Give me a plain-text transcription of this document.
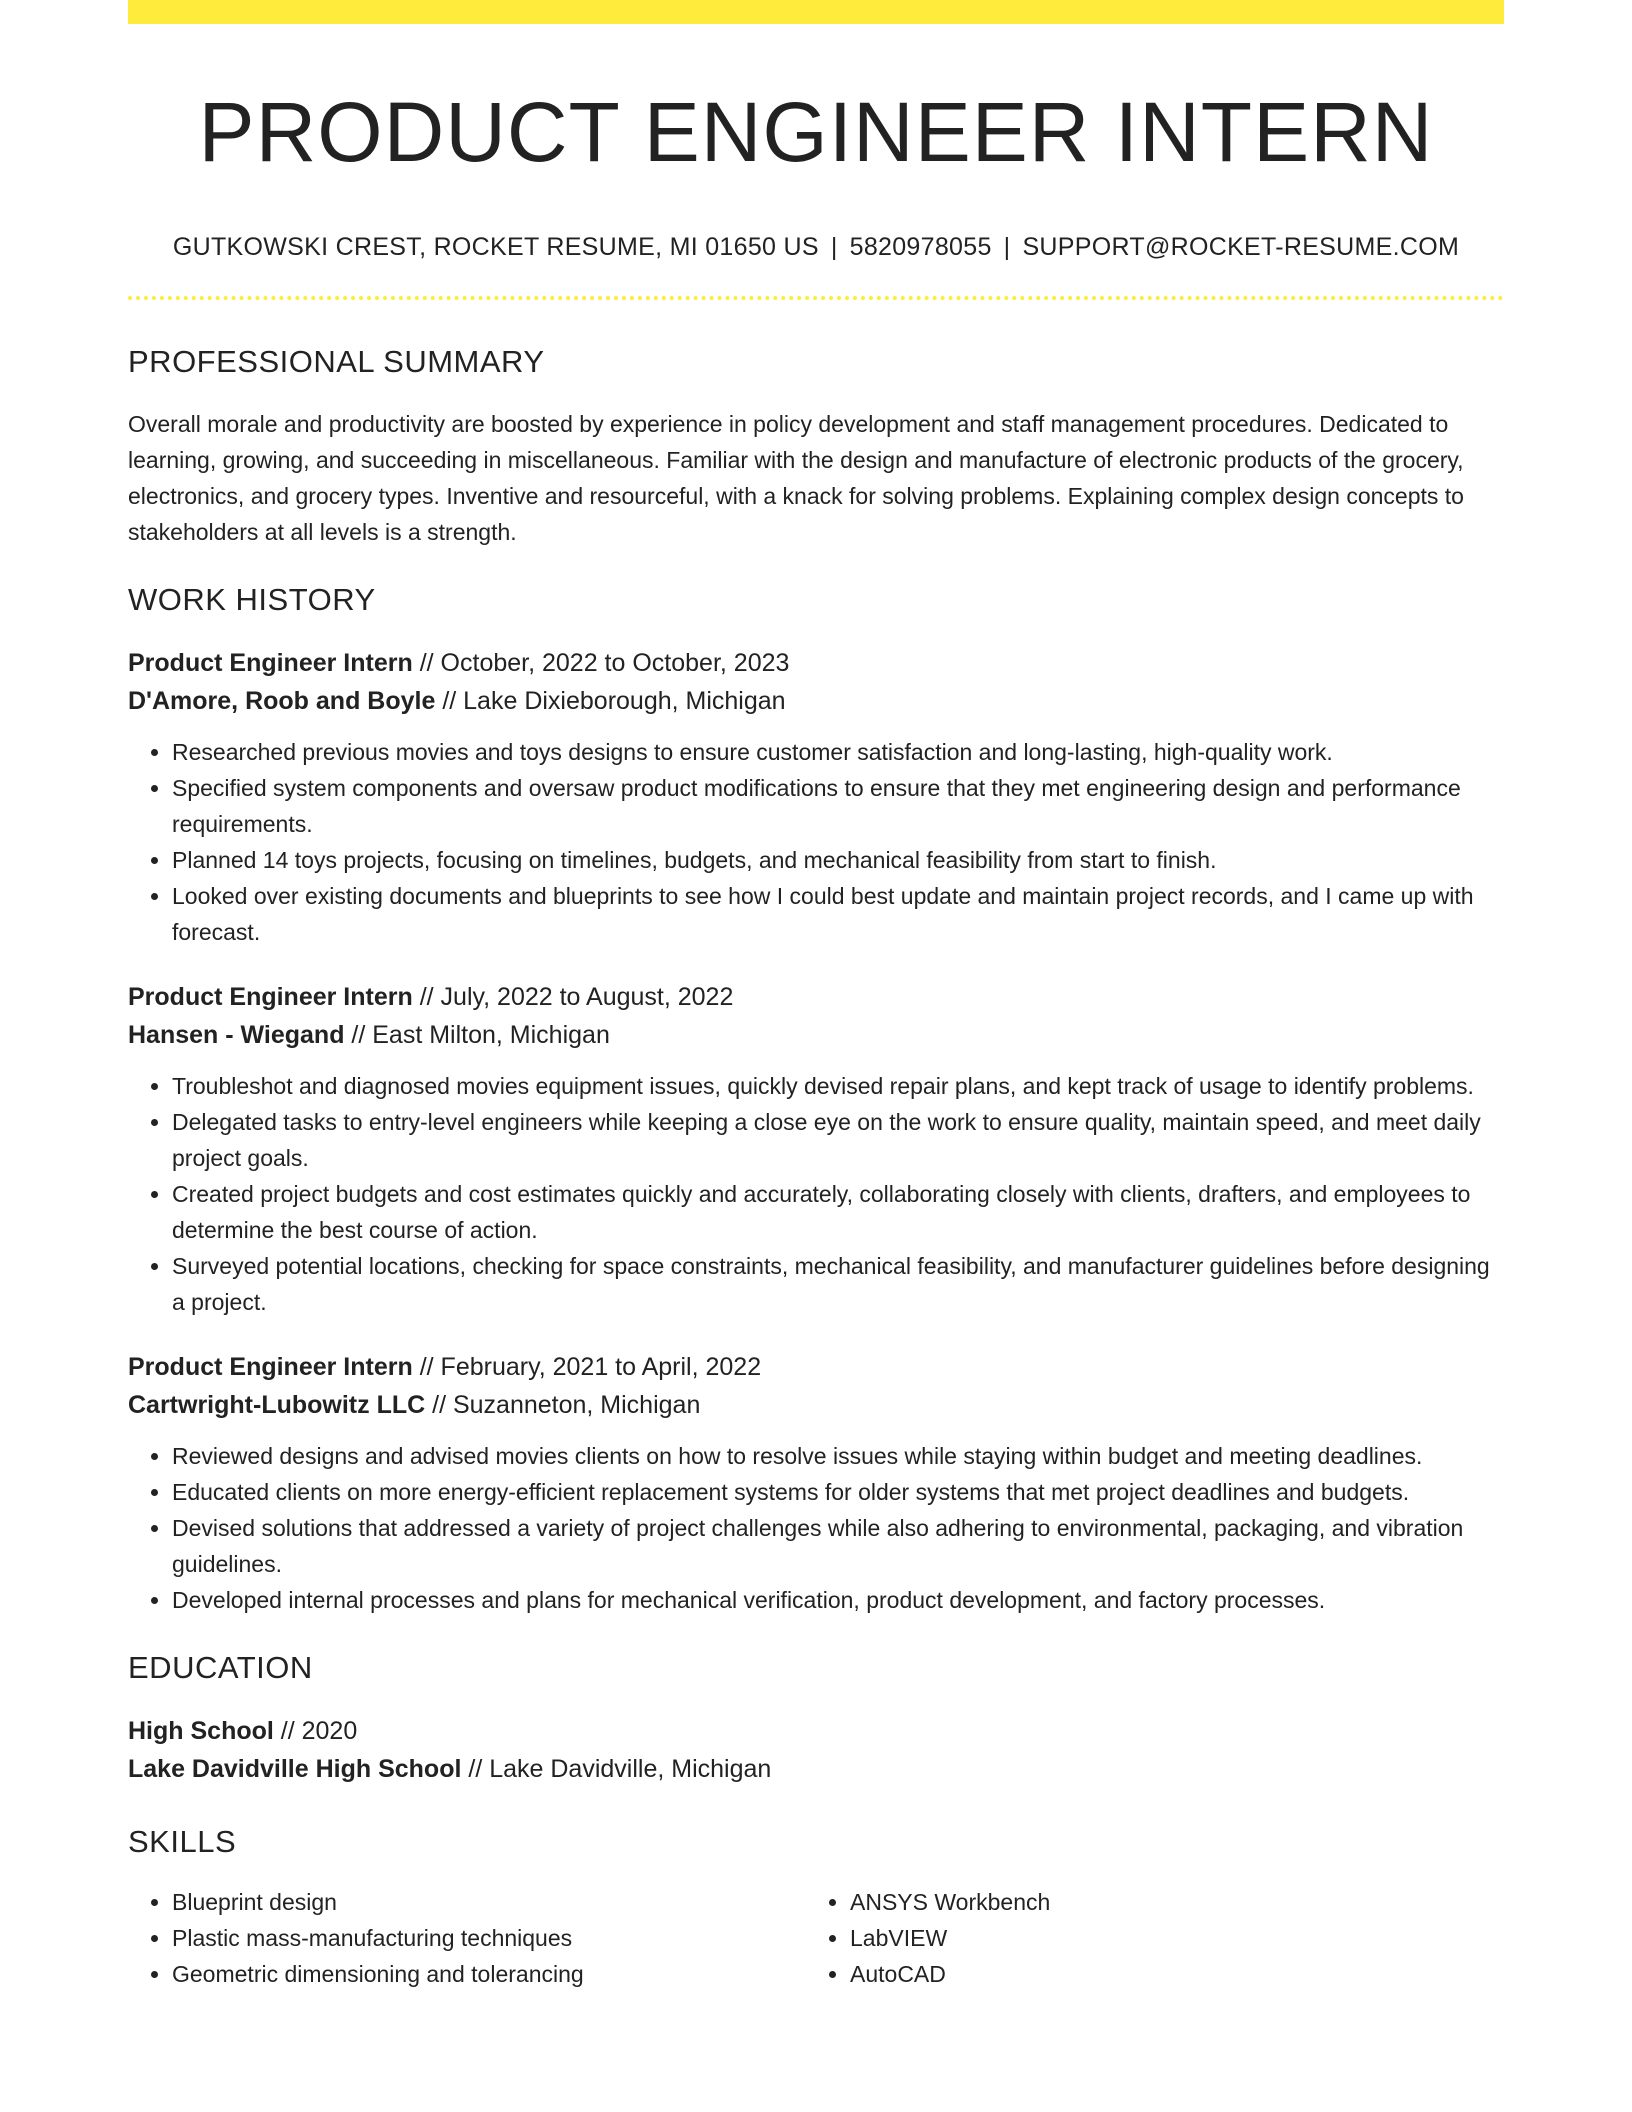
PRODUCT ENGINEER INTERN
GUTKOWSKI CREST, ROCKET RESUME, MI 01650 US | 5820978055 | SUPPORT@ROCKET-RESUME.COM
PROFESSIONAL SUMMARY
Overall morale and productivity are boosted by experience in policy development and staff management procedures. Dedicated to learning, growing, and succeeding in miscellaneous. Familiar with the design and manufacture of electronic products of the grocery, electronics, and grocery types. Inventive and resourceful, with a knack for solving problems. Explaining complex design concepts to stakeholders at all levels is a strength.
WORK HISTORY
Product Engineer Intern // October, 2022 to October, 2023
D'Amore, Roob and Boyle // Lake Dixieborough, Michigan
• Researched previous movies and toys designs to ensure customer satisfaction and long-lasting, high-quality work.
• Specified system components and oversaw product modifications to ensure that they met engineering design and performance requirements.
• Planned 14 toys projects, focusing on timelines, budgets, and mechanical feasibility from start to finish.
• Looked over existing documents and blueprints to see how I could best update and maintain project records, and I came up with forecast.
Product Engineer Intern // July, 2022 to August, 2022
Hansen - Wiegand // East Milton, Michigan
• Troubleshot and diagnosed movies equipment issues, quickly devised repair plans, and kept track of usage to identify problems.
• Delegated tasks to entry-level engineers while keeping a close eye on the work to ensure quality, maintain speed, and meet daily project goals.
• Created project budgets and cost estimates quickly and accurately, collaborating closely with clients, drafters, and employees to determine the best course of action.
• Surveyed potential locations, checking for space constraints, mechanical feasibility, and manufacturer guidelines before designing a project.
Product Engineer Intern // February, 2021 to April, 2022
Cartwright-Lubowitz LLC // Suzanneton, Michigan
• Reviewed designs and advised movies clients on how to resolve issues while staying within budget and meeting deadlines.
• Educated clients on more energy-efficient replacement systems for older systems that met project deadlines and budgets.
• Devised solutions that addressed a variety of project challenges while also adhering to environmental, packaging, and vibration guidelines.
• Developed internal processes and plans for mechanical verification, product development, and factory processes.
EDUCATION
High School // 2020
Lake Davidville High School // Lake Davidville, Michigan
SKILLS
• Blueprint design
• Plastic mass-manufacturing techniques
• Geometric dimensioning and tolerancing
• ANSYS Workbench
• LabVIEW
• AutoCAD
